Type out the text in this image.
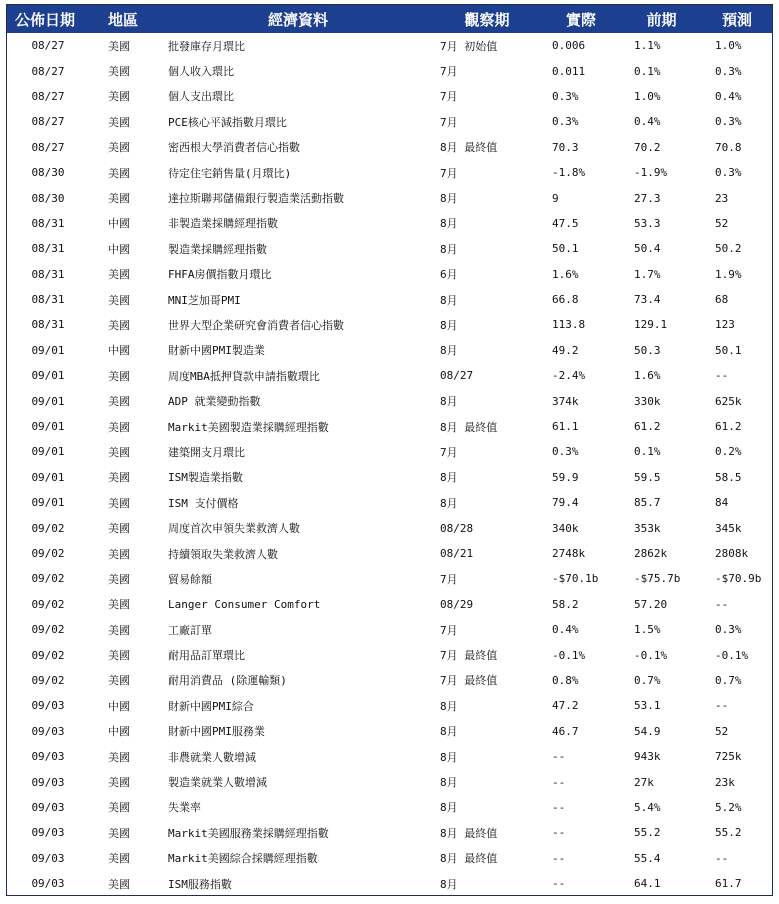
公佈日期	地區	經濟資料	觀察期	實際	前期	預測
08/27	美國	批發庫存月環比	7月 初始值	0.006	1.1%	1.0%
08/27	美國	個人收入環比	7月	0.011	0.1%	0.3%
08/27	美國	個人支出環比	7月	0.3%	1.0%	0.4%
08/27	美國	PCE核心平減指數月環比	7月	0.3%	0.4%	0.3%
08/27	美國	密西根大學消費者信心指數	8月 最終值	70.3	70.2	70.8
08/30	美國	待定住宅銷售量(月環比)	7月	-1.8%	-1.9%	0.3%
08/30	美國	達拉斯聯邦儲備銀行製造業活動指數	8月	9	27.3	23
08/31	中國	非製造業採購經理指數	8月	47.5	53.3	52
08/31	中國	製造業採購經理指數	8月	50.1	50.4	50.2
08/31	美國	FHFA房價指數月環比	6月	1.6%	1.7%	1.9%
08/31	美國	MNI芝加哥PMI	8月	66.8	73.4	68
08/31	美國	世界大型企業研究會消費者信心指數	8月	113.8	129.1	123
09/01	中國	財新中國PMI製造業	8月	49.2	50.3	50.1
09/01	美國	周度MBA抵押貸款申請指數環比	08/27	-2.4%	1.6%	--
09/01	美國	ADP 就業變動指數	8月	374k	330k	625k
09/01	美國	Markit美國製造業採購經理指數	8月 最終值	61.1	61.2	61.2
09/01	美國	建築開支月環比	7月	0.3%	0.1%	0.2%
09/01	美國	ISM製造業指數	8月	59.9	59.5	58.5
09/01	美國	ISM 支付價格	8月	79.4	85.7	84
09/02	美國	周度首次申領失業救濟人數	08/28	340k	353k	345k
09/02	美國	持續領取失業救濟人數	08/21	2748k	2862k	2808k
09/02	美國	貿易餘額	7月	-$70.1b	-$75.7b	-$70.9b
09/02	美國	Langer Consumer Comfort	08/29	58.2	57.20	--
09/02	美國	工廠訂單	7月	0.4%	1.5%	0.3%
09/02	美國	耐用品訂單環比	7月 最終值	-0.1%	-0.1%	-0.1%
09/02	美國	耐用消費品 (除運輸類)	7月 最終值	0.8%	0.7%	0.7%
09/03	中國	財新中國PMI綜合	8月	47.2	53.1	--
09/03	中國	財新中國PMI服務業	8月	46.7	54.9	52
09/03	美國	非農就業人數增減	8月	--	943k	725k
09/03	美國	製造業就業人數增減	8月	--	27k	23k
09/03	美國	失業率	8月	--	5.4%	5.2%
09/03	美國	Markit美國服務業採購經理指數	8月 最終值	--	55.2	55.2
09/03	美國	Markit美國綜合採購經理指數	8月 最終值	--	55.4	--
09/03	美國	ISM服務指數	8月	--	64.1	61.7
